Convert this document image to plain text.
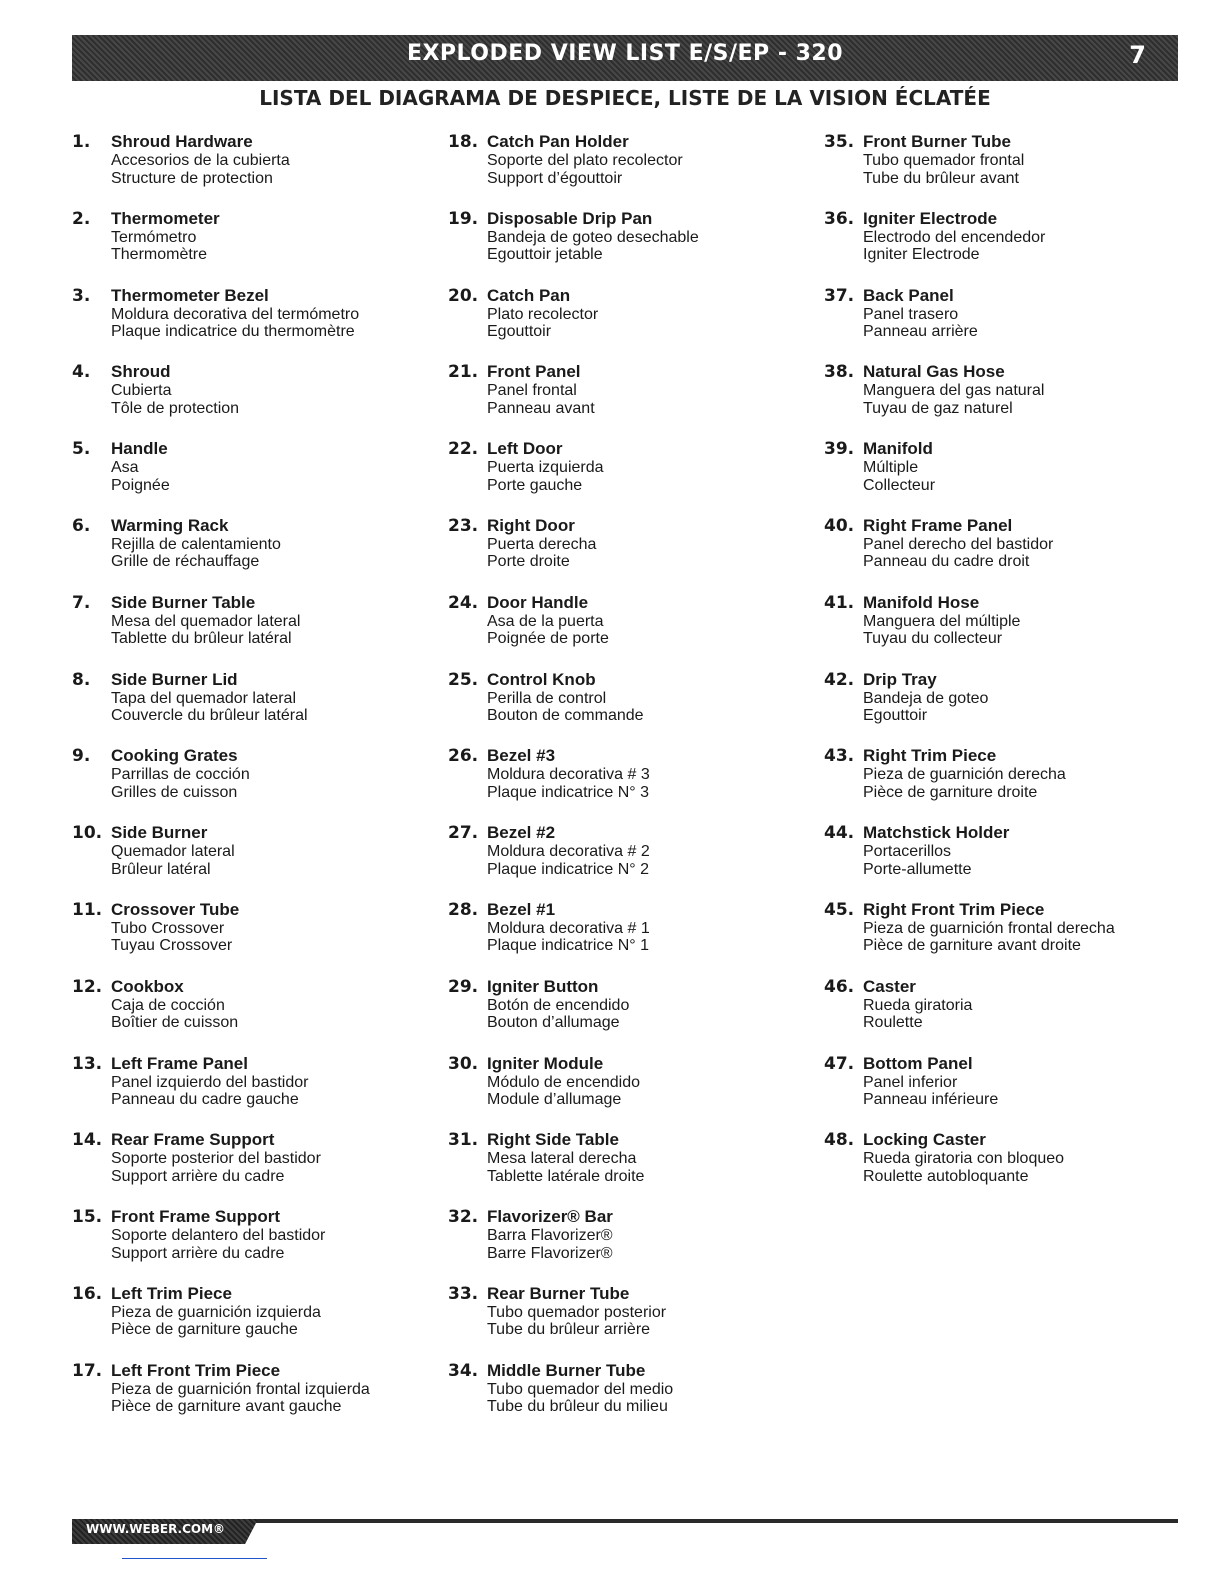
EXPLODED VIEW LIST E/S/EP - 320	7
LISTA DEL DIAGRAMA DE DESPIECE, LISTE DE LA VISION ÉCLATÉE
1.	Shroud Hardware
Accesorios de la cubierta
Structure de protection
2.	Thermometer
Termómetro
Thermomètre
3.	Thermometer Bezel
Moldura decorativa del termómetro
Plaque indicatrice du thermomètre
4.	Shroud
Cubierta
Tôle de protection
5.	Handle
Asa
Poignée
6.	Warming Rack
Rejilla de calentamiento
Grille de réchauffage
7.	Side Burner Table
Mesa del quemador lateral
Tablette du brûleur latéral
8.	Side Burner Lid
Tapa del quemador lateral
Couvercle du brûleur latéral
9.	Cooking Grates
Parrillas de cocción
Grilles de cuisson
10. Side Burner
Quemador lateral
Brûleur latéral
11. Crossover Tube
Tubo Crossover
Tuyau Crossover
12. Cookbox
Caja de cocción
Boîtier de cuisson
13. Left Frame Panel
Panel izquierdo del bastidor
Panneau du cadre gauche
14. Rear Frame Support
Soporte posterior del bastidor
Support arrière du cadre
15. Front Frame Support
Soporte delantero del bastidor
Support arrière du cadre
16. Left Trim Piece
Pieza de guarnición izquierda
Pièce de garniture gauche
17. Left Front Trim Piece
Pieza de guarnición frontal izquierda
Pièce de garniture avant gauche
18. Catch Pan Holder
Soporte del plato recolector
Support d’égouttoir
19. Disposable Drip Pan
Bandeja de goteo desechable
Egouttoir jetable
20. Catch Pan
Plato recolector
Egouttoir
21. Front Panel
Panel frontal
Panneau avant
22. Left Door
Puerta izquierda
Porte gauche
23. Right Door
Puerta derecha
Porte droite
24. Door Handle
Asa de la puerta
Poignée de porte
25. Control Knob
Perilla de control
Bouton de commande
26. Bezel #3
Moldura decorativa # 3
Plaque indicatrice N° 3
27. Bezel #2
Moldura decorativa # 2
Plaque indicatrice N° 2
28. Bezel #1
Moldura decorativa # 1
Plaque indicatrice N° 1
29. Igniter Button
Botón de encendido
Bouton d’allumage
30. Igniter Module
Módulo de encendido
Module d’allumage
31. Right Side Table
Mesa lateral derecha
Tablette latérale droite
32. Flavorizer® Bar
Barra Flavorizer®
Barre Flavorizer®
33. Rear Burner Tube
Tubo quemador posterior
Tube du brûleur arrière
34. Middle Burner Tube
Tubo quemador del medio
Tube du brûleur du milieu
35. Front Burner Tube
Tubo quemador frontal
Tube du brûleur avant
36. Igniter Electrode
Electrodo del encendedor
Igniter Electrode
37. Back Panel
Panel trasero
Panneau arrière
38. Natural Gas Hose
Manguera del gas natural
Tuyau de gaz naturel
39. Manifold
Múltiple
Collecteur
40. Right Frame Panel
Panel derecho del bastidor
Panneau du cadre droit
41. Manifold Hose
Manguera del múltiple
Tuyau du collecteur
42. Drip Tray
Bandeja de goteo
Egouttoir
43. Right Trim Piece
Pieza de guarnición derecha
Pièce de garniture droite
44. Matchstick Holder
Portacerillos
Porte-allumette
45. Right Front Trim Piece
Pieza de guarnición frontal derecha
Pièce de garniture avant droite
46. Caster
Rueda giratoria
Roulette
47. Bottom Panel
Panel inferior
Panneau inférieure
48. Locking Caster
Rueda giratoria con bloqueo
Roulette autobloquante
WWW.WEBER.COM®
